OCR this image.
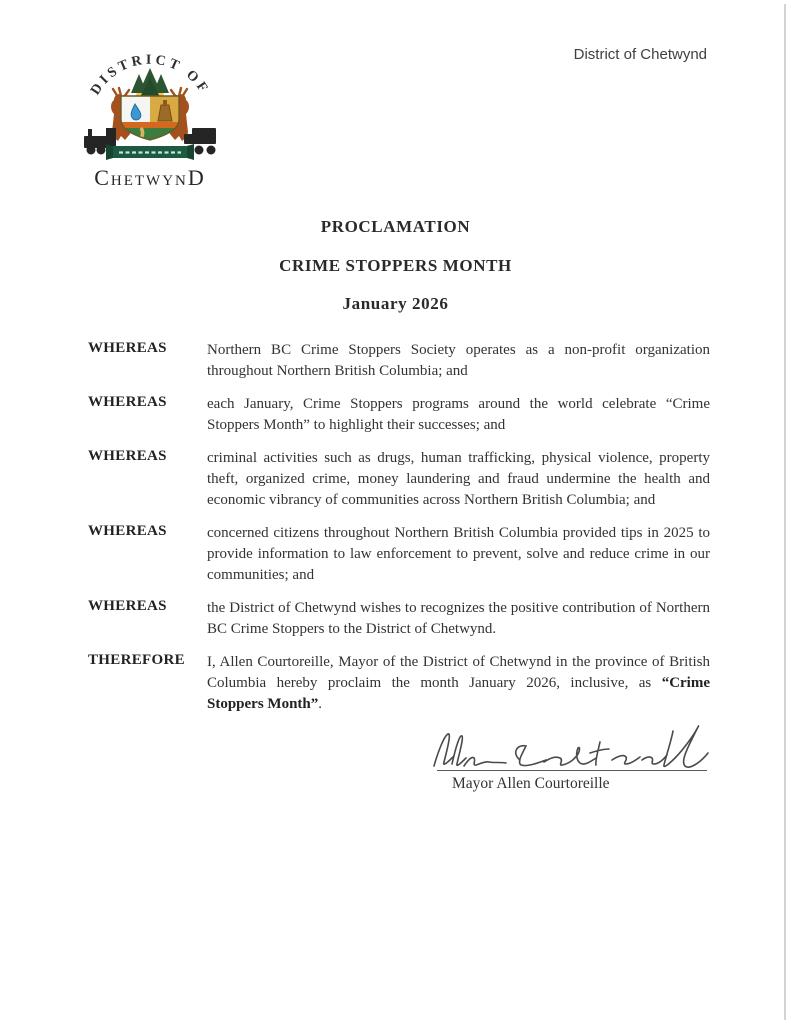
District of Chetwynd
DISTRICT OF
ChetwynD
PROCLAMATION
CRIME STOPPERS MONTH
January 2026
WHEREAS	Northern BC Crime Stoppers Society operates as a non-profit organization throughout Northern British Columbia; and
WHEREAS	each January, Crime Stoppers programs around the world celebrate “Crime Stoppers Month” to highlight their successes; and
WHEREAS	criminal activities such as drugs, human trafficking, physical violence, property theft, organized crime, money laundering and fraud undermine the health and economic vibrancy of communities across Northern British Columbia; and
WHEREAS	concerned citizens throughout Northern British Columbia provided tips in 2025 to provide information to law enforcement to prevent, solve and reduce crime in our communities; and
WHEREAS	the District of Chetwynd wishes to recognizes the positive contribution of Northern BC Crime Stoppers to the District of Chetwynd.
THEREFORE	I, Allen Courtoreille, Mayor of the District of Chetwynd in the province of British Columbia hereby proclaim the month January 2026, inclusive, as “Crime Stoppers Month”.
Mayor Allen Courtoreille
